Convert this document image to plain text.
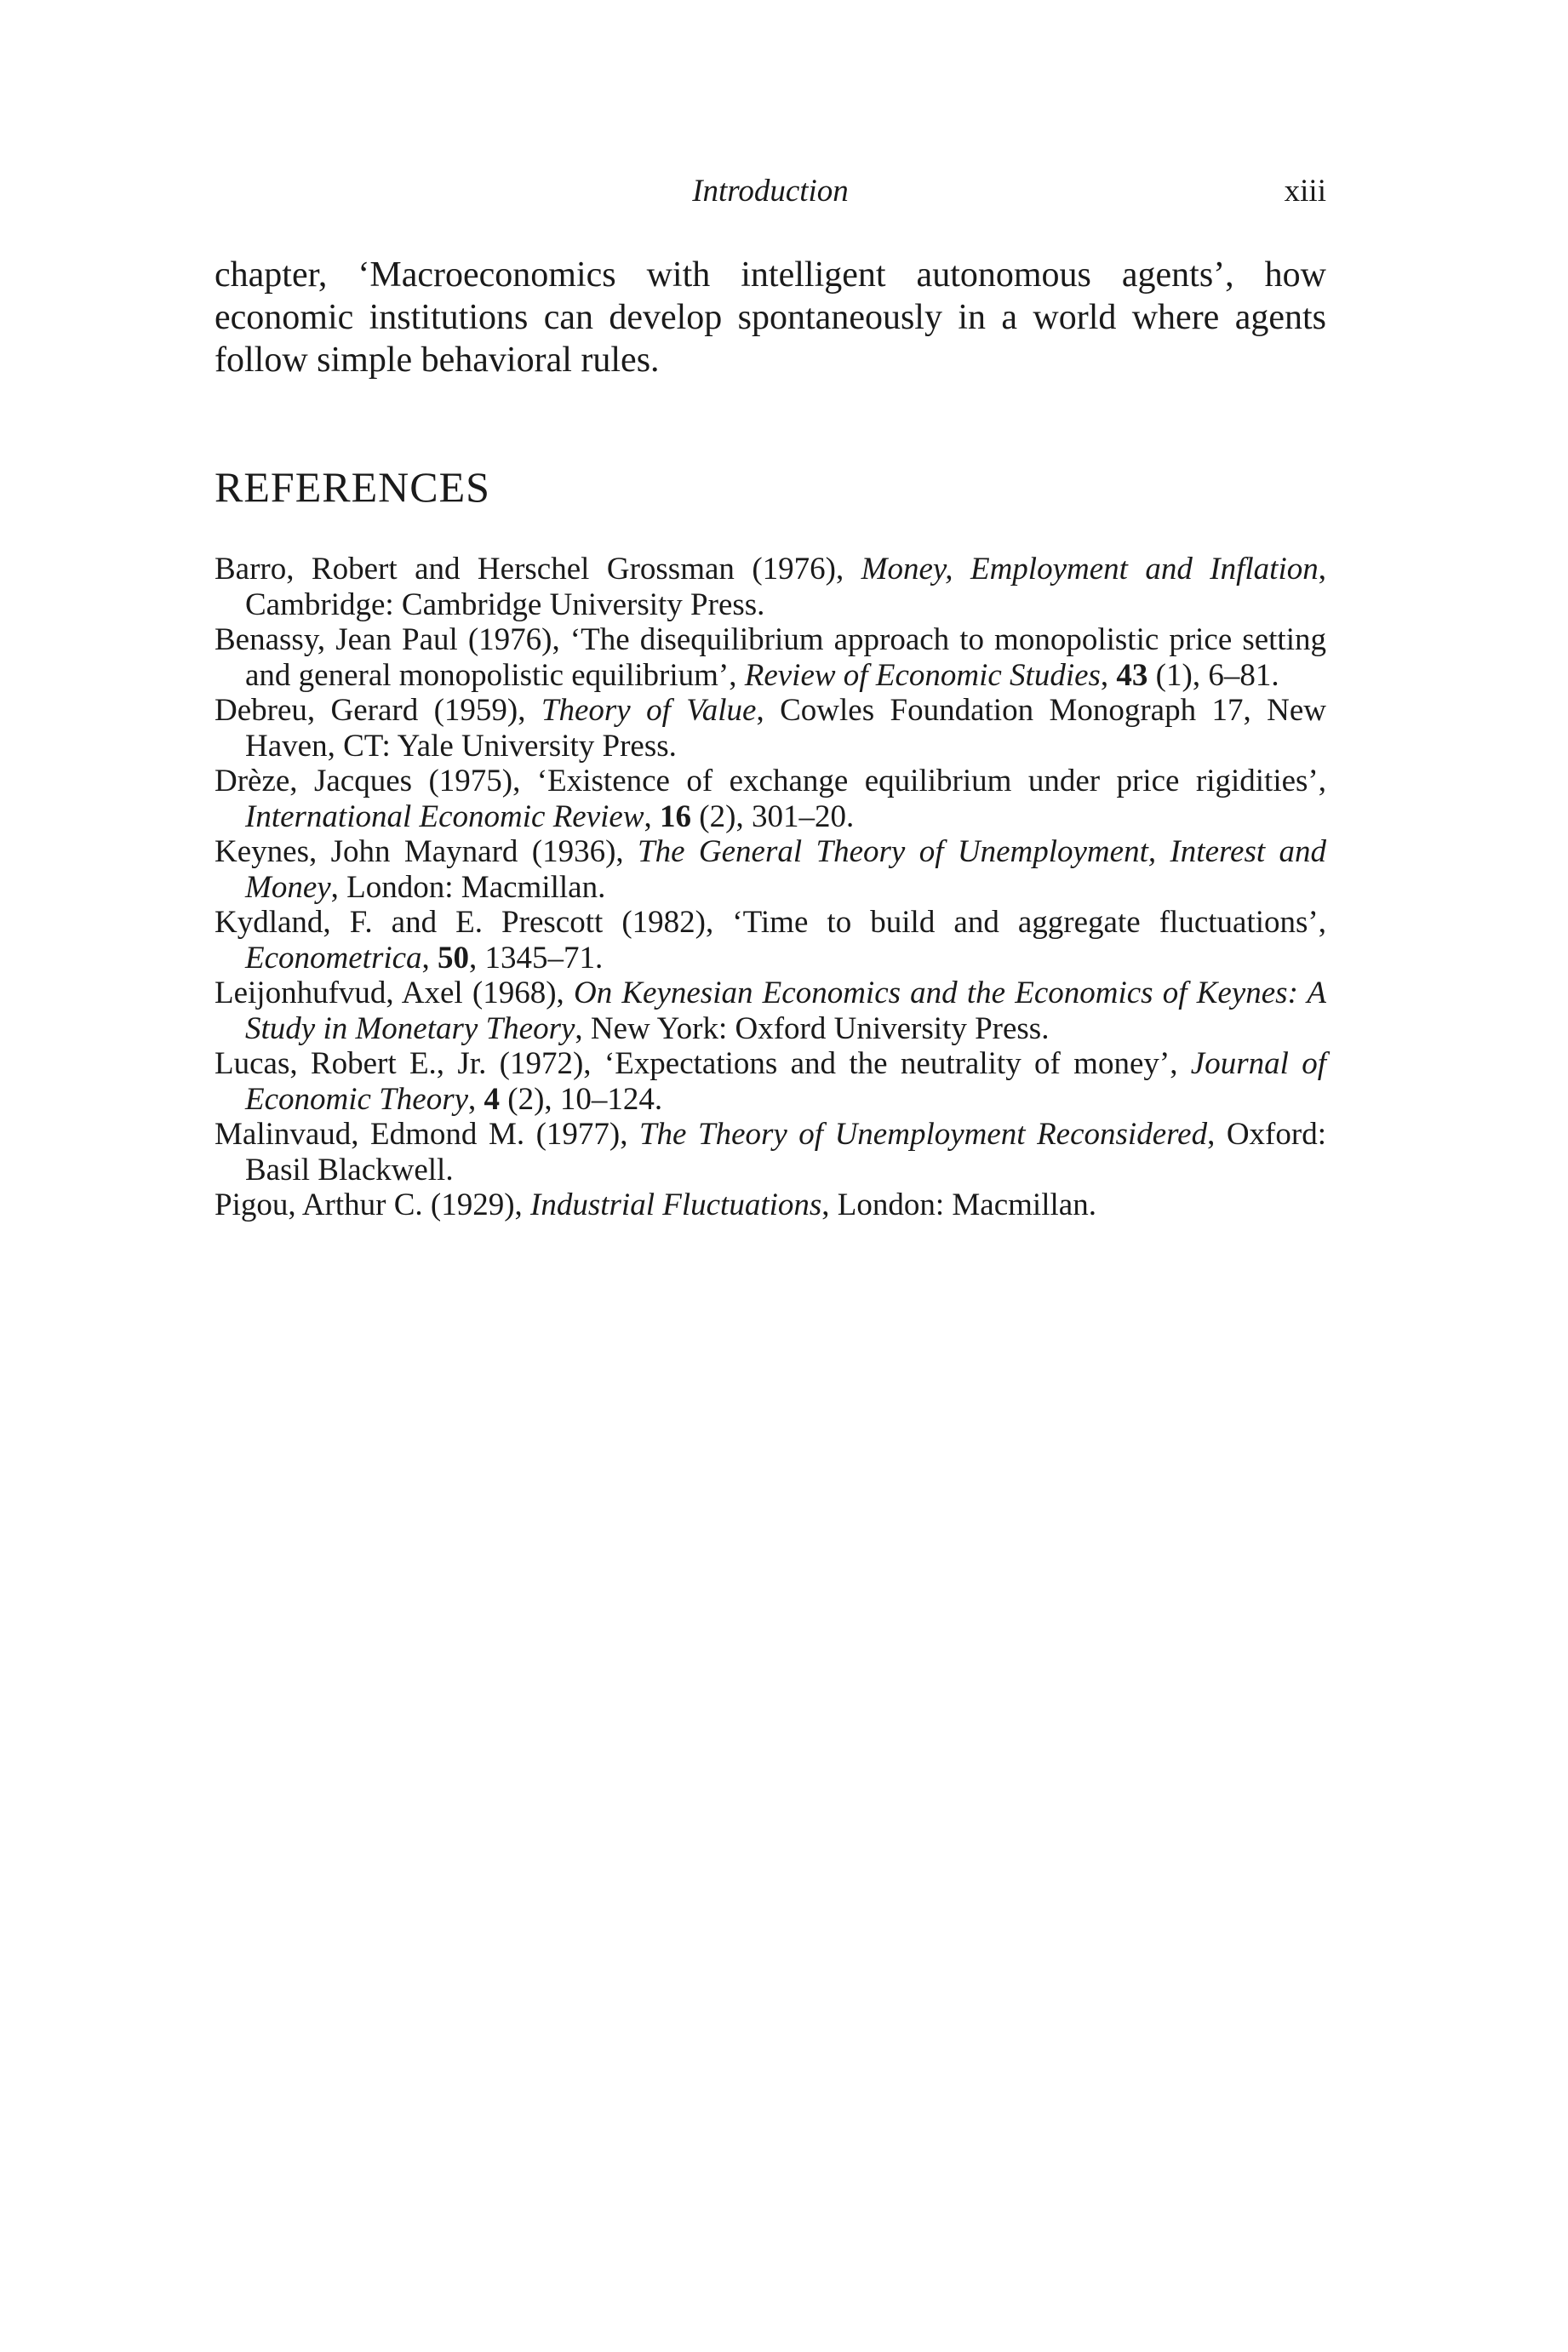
Introduction	xiii

chapter, ‘Macroeconomics with intelligent autonomous agents’, how economic institutions can develop spontaneously in a world where agents follow simple behavioral rules.

REFERENCES
Barro, Robert and Herschel Grossman (1976), Money, Employment and Inflation, Cambridge: Cambridge University Press.
Benassy, Jean Paul (1976), ‘The disequilibrium approach to monopolistic price setting and general monopolistic equilibrium’, Review of Economic Studies, 43 (1), 6–81.
Debreu, Gerard (1959), Theory of Value, Cowles Foundation Monograph 17, New Haven, CT: Yale University Press.
Drèze, Jacques (1975), ‘Existence of exchange equilibrium under price rigidities’, International Economic Review, 16 (2), 301–20.
Keynes, John Maynard (1936), The General Theory of Unemployment, Interest and Money, London: Macmillan.
Kydland, F. and E. Prescott (1982), ‘Time to build and aggregate fluctuations’, Econometrica, 50, 1345–71.
Leijonhufvud, Axel (1968), On Keynesian Economics and the Economics of Keynes: A Study in Monetary Theory, New York: Oxford University Press.
Lucas, Robert E., Jr. (1972), ‘Expectations and the neutrality of money’, Journal of Economic Theory, 4 (2), 10–124.
Malinvaud, Edmond M. (1977), The Theory of Unemployment Reconsidered, Oxford: Basil Blackwell.
Pigou, Arthur C. (1929), Industrial Fluctuations, London: Macmillan.
